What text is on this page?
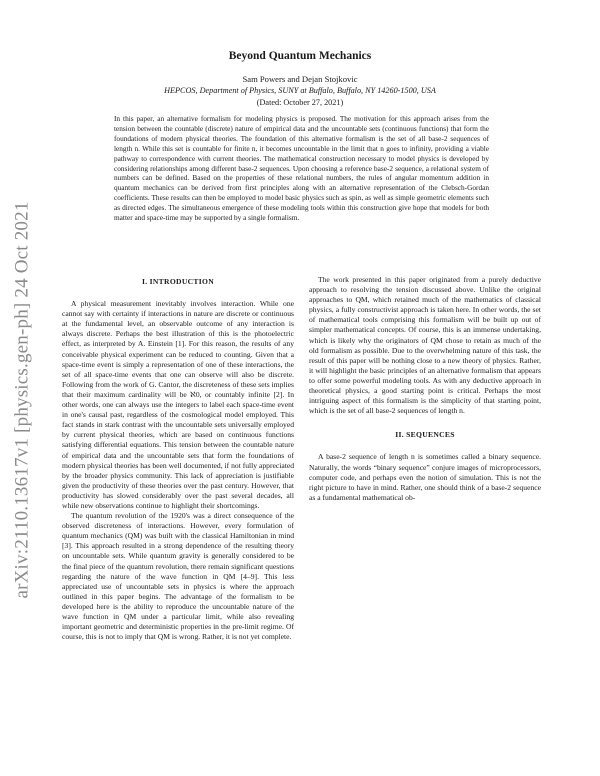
arXiv:2110.13617v1 [physics.gen-ph] 24 Oct 2021
Beyond Quantum Mechanics
Sam Powers and Dejan Stojkovic
HEPCOS, Department of Physics, SUNY at Buffalo, Buffalo, NY 14260-1500, USA
(Dated: October 27, 2021)
In this paper, an alternative formalism for modeling physics is proposed. The motivation for this approach arises from the tension between the countable (discrete) nature of empirical data and the uncountable sets (continuous functions) that form the foundations of modern physical theories. The foundation of this alternative formalism is the set of all base-2 sequences of length n. While this set is countable for finite n, it becomes uncountable in the limit that n goes to infinity, providing a viable pathway to correspondence with current theories. The mathematical construction necessary to model physics is developed by considering relationships among different base-2 sequences. Upon choosing a reference base-2 sequence, a relational system of numbers can be defined. Based on the properties of these relational numbers, the rules of angular momentum addition in quantum mechanics can be derived from first principles along with an alternative representation of the Clebsch-Gordan coefficients. These results can then be employed to model basic physics such as spin, as well as simple geometric elements such as directed edges. The simultaneous emergence of these modeling tools within this construction give hope that models for both matter and space-time may be supported by a single formalism.
I. INTRODUCTION

A physical measurement inevitably involves interaction. While one cannot say with certainty if interactions in nature are discrete or continuous at the fundamental level, an observable outcome of any interaction is always discrete. Perhaps the best illustration of this is the photoelectric effect, as interpreted by A. Einstein [1]. For this reason, the results of any conceivable physical experiment can be reduced to counting. Given that a space-time event is simply a representation of one of these interactions, the set of all space-time events that one can observe will also be discrete. Following from the work of G. Cantor, the discreteness of these sets implies that their maximum cardinality will be ℵ0, or countably infinite [2]. In other words, one can always use the integers to label each space-time event in one's causal past, regardless of the cosmological model employed. This fact stands in stark contrast with the uncountable sets universally employed by current physical theories, which are based on continuous functions satisfying differential equations. This tension between the countable nature of empirical data and the uncountable sets that form the foundations of modern physical theories has been well documented, if not fully appreciated by the broader physics community. This lack of appreciation is justifiable given the productivity of these theories over the past century. However, that productivity has slowed considerably over the past several decades, all while new observations continue to highlight their shortcomings.

The quantum revolution of the 1920's was a direct consequence of the observed discreteness of interactions. However, every formulation of quantum mechanics (QM) was built with the classical Hamiltonian in mind [3]. This approach resulted in a strong dependence of the resulting theory on uncountable sets. While quantum gravity is generally considered to be the final piece of the quantum revolution, there remain significant questions regarding the nature of the wave function in QM [4–9]. This less appreciated use of uncountable sets in physics is where the approach outlined in this paper begins. The advantage of the formalism to be developed here is the ability to reproduce the uncountable nature of the wave function in QM under a particular limit, while also revealing important geometric and deterministic properties in the pre-limit regime. Of course, this is not to imply that QM is wrong. Rather, it is not yet complete.

The work presented in this paper originated from a purely deductive approach to resolving the tension discussed above. Unlike the original approaches to QM, which retained much of the mathematics of classical physics, a fully constructivist approach is taken here. In other words, the set of mathematical tools comprising this formalism will be built up out of simpler mathematical concepts. Of course, this is an immense undertaking, which is likely why the originators of QM chose to retain as much of the old formalism as possible. Due to the overwhelming nature of this task, the result of this paper will be nothing close to a new theory of physics. Rather, it will highlight the basic principles of an alternative formalism that appears to offer some powerful modeling tools. As with any deductive approach in theoretical physics, a good starting point is critical. Perhaps the most intriguing aspect of this formalism is the simplicity of that starting point, which is the set of all base-2 sequences of length n.

II. SEQUENCES

A base-2 sequence of length n is sometimes called a binary sequence. Naturally, the words “binary sequence” conjure images of microprocessors, computer code, and perhaps even the notion of simulation. This is not the right picture to have in mind. Rather, one should think of a base-2 sequence as a fundamental mathematical ob-
